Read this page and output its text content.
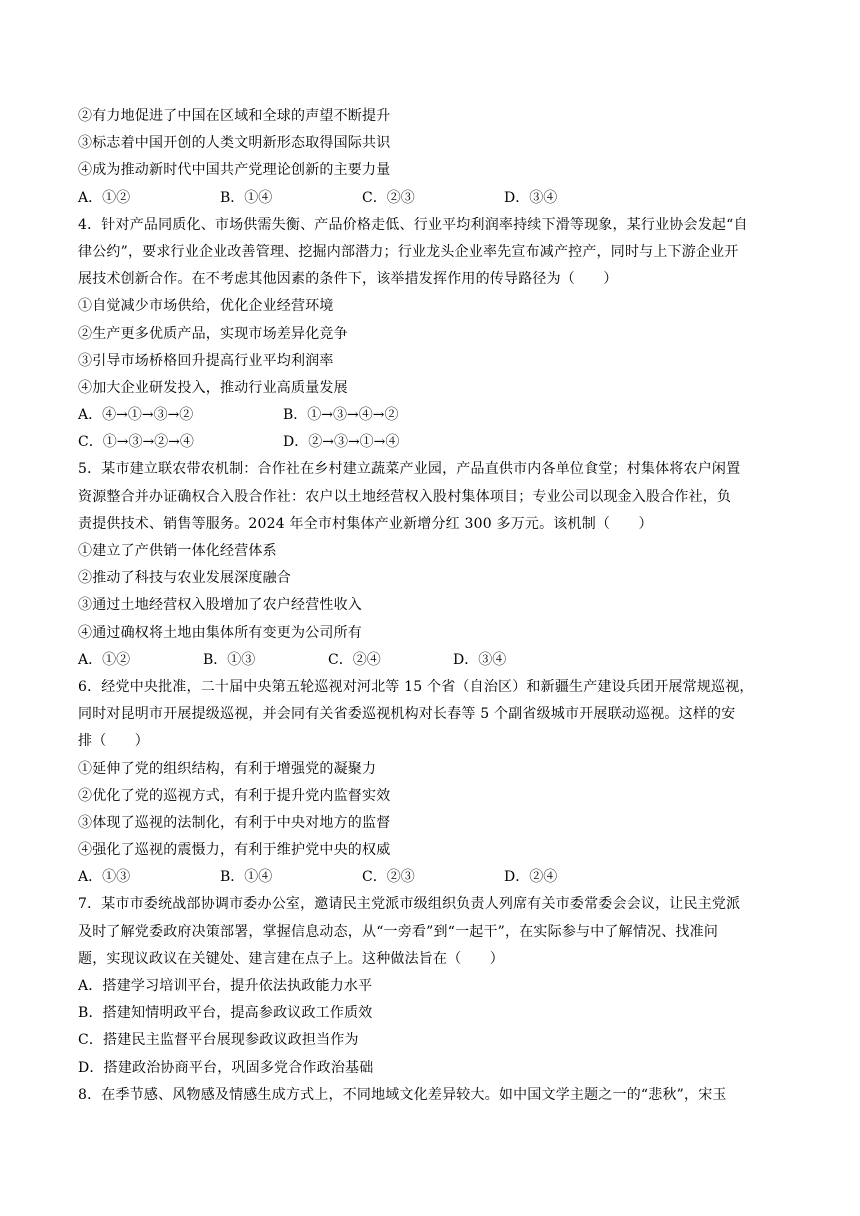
②有力地促进了中国在区域和全球的声望不断提升
③标志着中国开创的人类文明新形态取得国际共识
④成为推动新时代中国共产党理论创新的主要力量
A．①②	B．①④	C．②③	D．③④
4．针对产品同质化、市场供需失衡、产品价格走低、行业平均利润率持续下滑等现象，某行业协会发起“自
律公约”，要求行业企业改善管理、挖掘内部潜力；行业龙头企业率先宣布减产控产，同时与上下游企业开
展技术创新合作。在不考虑其他因素的条件下，该举措发挥作用的传导路径为（　　）
①自觉减少市场供给，优化企业经营环境
②生产更多优质产品，实现市场差异化竞争
③引导市场桥格回升提高行业平均利润率
④加大企业研发投入，推动行业高质量发展
A．④→①→③→②	B．①→③→④→②
C．①→③→②→④	D．②→③→①→④
5．某市建立联农带农机制：合作社在乡村建立蔬菜产业园，产品直供市内各单位食堂；村集体将农户闲置
资源整合并办证确权合入股合作社：农户以土地经营权入股村集体项目；专业公司以现金入股合作社，负
责提供技术、销售等服务。2024 年全市村集体产业新增分红 300 多万元。该机制（　　）
①建立了产供销一体化经营体系
②推动了科技与农业发展深度融合
③通过土地经营权入股增加了农户经营性收入
④通过确权将土地由集体所有变更为公司所有
A．①②	B．①③	C．②④	D．③④
6．经党中央批准，二十届中央第五轮巡视对河北等 15 个省（自治区）和新疆生产建设兵团开展常规巡视，
同时对昆明市开展提级巡视，并会同有关省委巡视机构对长春等 5 个副省级城市开展联动巡视。这样的安
排（　　）
①延伸了党的组织结构，有利于增强党的凝聚力
②优化了党的巡视方式，有利于提升党内监督实效
③体现了巡视的法制化，有利于中央对地方的监督
④强化了巡视的震慑力，有利于维护党中央的权威
A．①③	B．①④	C．②③	D．②④
7．某市市委统战部协调市委办公室，邀请民主党派市级组织负责人列席有关市委常委会会议，让民主党派
及时了解党委政府决策部署，掌握信息动态，从“一旁看”到“一起干”，在实际参与中了解情况、找准问
题，实现议政议在关键处、建言建在点子上。这种做法旨在（　　）
A．搭建学习培训平台，提升依法执政能力水平
B．搭建知情明政平台，提高参政议政工作质效
C．搭建民主监督平台展现参政议政担当作为
D．搭建政治协商平台，巩固多党合作政治基础
8．在季节感、风物感及情感生成方式上，不同地域文化差异较大。如中国文学主题之一的“悲秋”，宋玉
